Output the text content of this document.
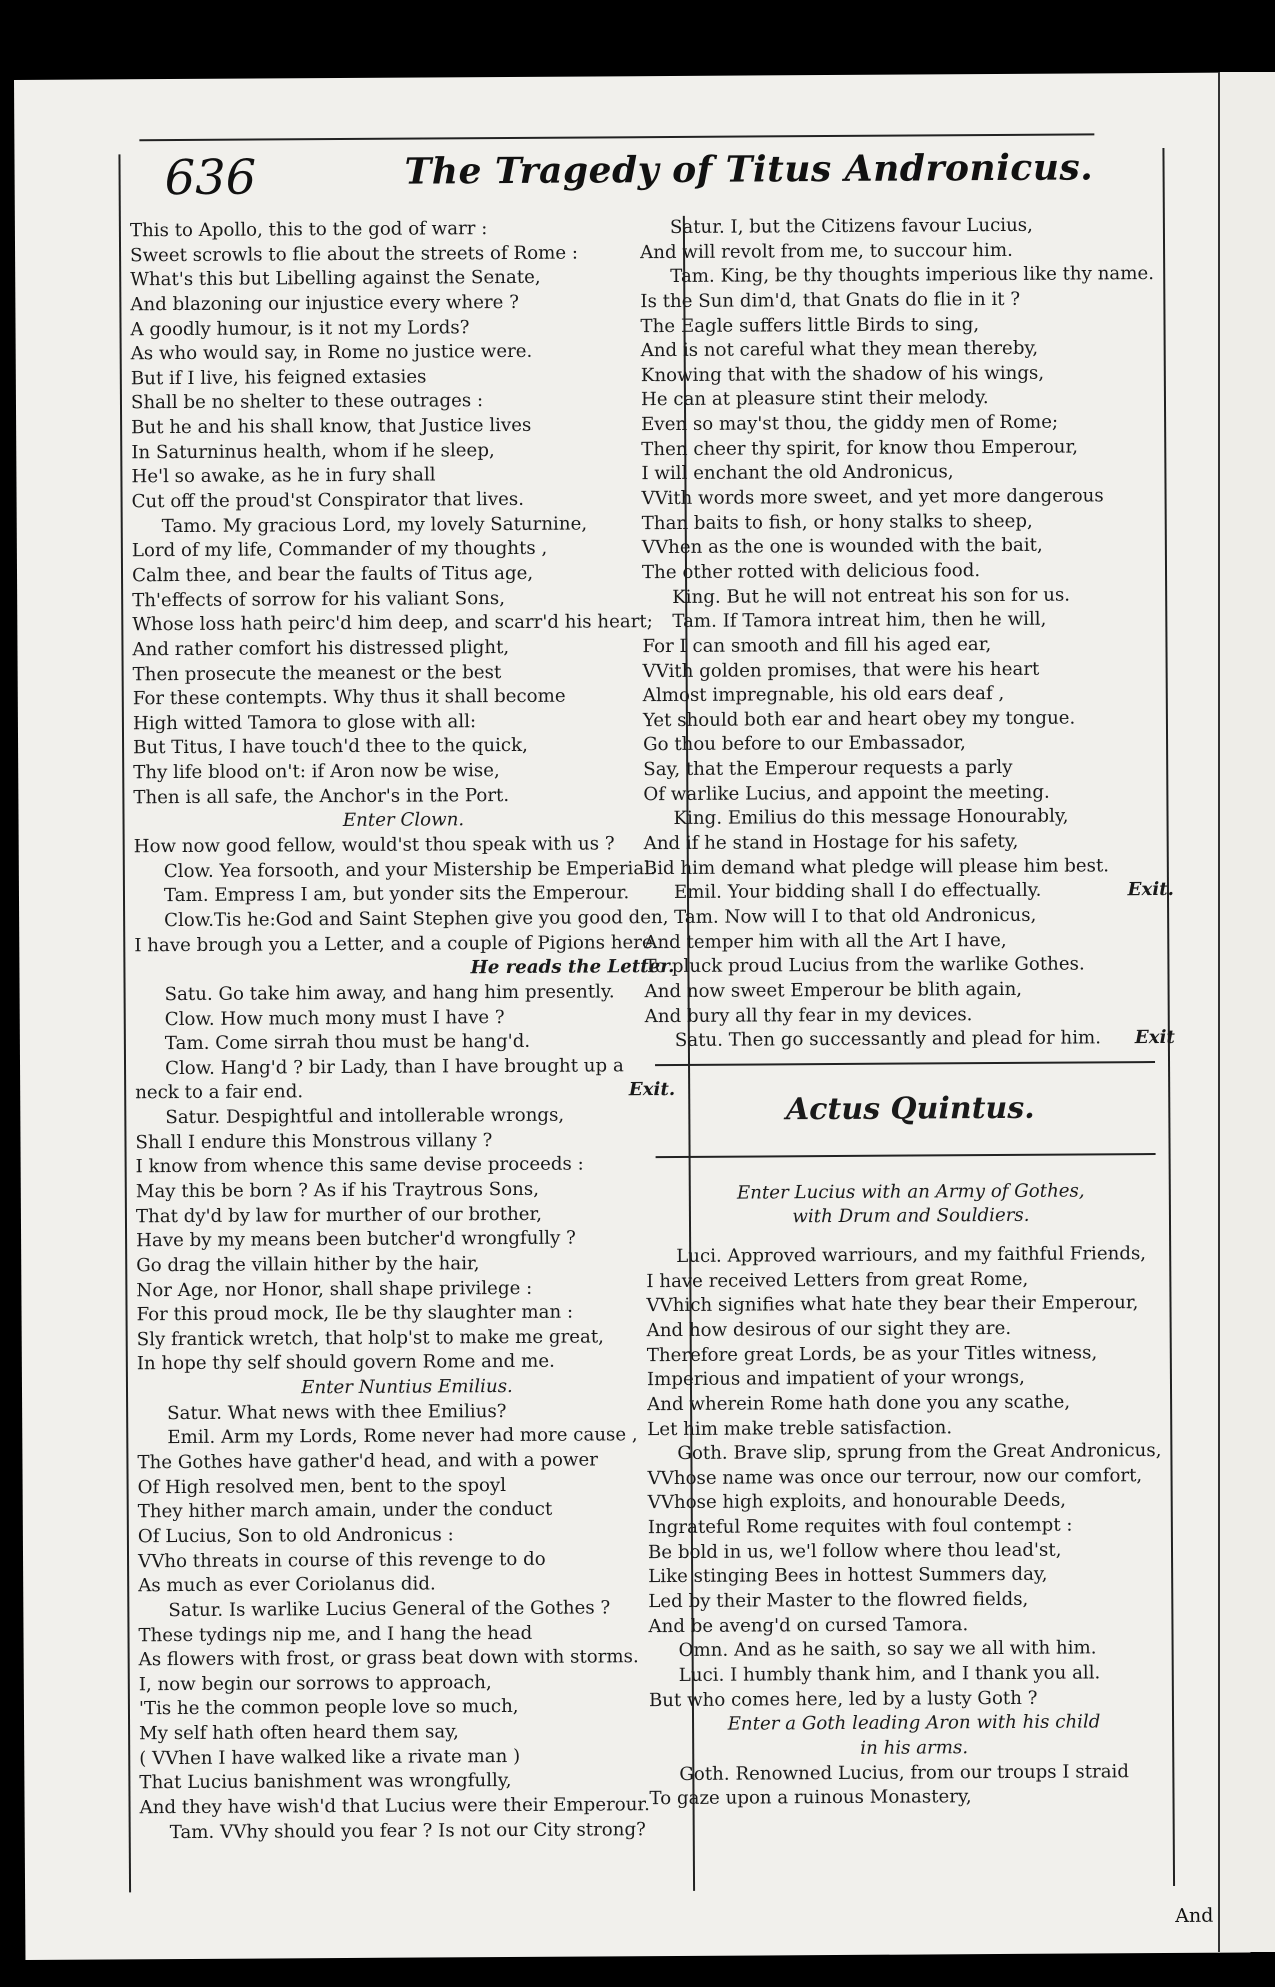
636	The Tragedy of Titus Andronicus.
This to Apollo, this to the god of warr :
Sweet scrowls to flie about the streets of Rome :
What's this but Libelling against the Senate,
And blazoning our injustice every where ?
A goodly humour, is it not my Lords?
As who would say, in Rome no justice were.
But if I live, his feigned extasies
Shall be no shelter to these outrages :
But he and his shall know, that Justice lives
In Saturninus health, whom if he sleep,
He'l so awake, as he in fury shall
Cut off the proud'st Conspirator that lives.
Tamo. My gracious Lord, my lovely Saturnine,
Lord of my life, Commander of my thoughts ,
Calm thee, and bear the faults of Titus age,
Th'effects of sorrow for his valiant Sons,
Whose loss hath peirc'd him deep, and scarr'd his heart;
And rather comfort his distressed plight,
Then prosecute the meanest or the best
For these contempts. Why thus it shall become
High witted Tamora to glose with all:
But Titus, I have touch'd thee to the quick,
Thy life blood on't: if Aron now be wise,
Then is all safe, the Anchor's in the Port.
Enter Clown.
How now good fellow, would'st thou speak with us ?
Clow. Yea forsooth, and your Mistership be Emperial.
Tam. Empress I am, but yonder sits the Emperour.
Clow.Tis he:God and Saint Stephen give you good den,
I have brough you a Letter, and a couple of Pigions here.
He reads the Letter.
Satu. Go take him away, and hang him presently.
Clow. How much mony must I have ?
Tam. Come sirrah thou must be hang'd.
Clow. Hang'd ? bir Lady, than I have brought up a
neck to a fair end.	Exit.
Satur. Despightful and intollerable wrongs,
Shall I endure this Monstrous villany ?
I know from whence this same devise proceeds :
May this be born ? As if his Traytrous Sons,
That dy'd by law for murther of our brother,
Have by my means been butcher'd wrongfully ?
Go drag the villain hither by the hair,
Nor Age, nor Honor, shall shape privilege :
For this proud mock, Ile be thy slaughter man :
Sly frantick wretch, that holp'st to make me great,
In hope thy self should govern Rome and me.
Enter Nuntius Emilius.
Satur. What news with thee Emilius?
Emil. Arm my Lords, Rome never had more cause ,
The Gothes have gather'd head, and with a power
Of High resolved men, bent to the spoyl
They hither march amain, under the conduct
Of Lucius, Son to old Andronicus :
VVho threats in course of this revenge to do
As much as ever Coriolanus did.
Satur. Is warlike Lucius General of the Gothes ?
These tydings nip me, and I hang the head
As flowers with frost, or grass beat down with storms.
I, now begin our sorrows to approach,
'Tis he the common people love so much,
My self hath often heard them say,
( VVhen I have walked like a rivate man )
That Lucius banishment was wrongfully,
And they have wish'd that Lucius were their Emperour.
Tam. VVhy should you fear ? Is not our City strong?
Satur. I, but the Citizens favour Lucius,
And will revolt from me, to succour him.
Tam. King, be thy thoughts imperious like thy name.
Is the Sun dim'd, that Gnats do flie in it ?
The Eagle suffers little Birds to sing,
And is not careful what they mean thereby,
Knowing that with the shadow of his wings,
He can at pleasure stint their melody.
Even so may'st thou, the giddy men of Rome;
Then cheer thy spirit, for know thou Emperour,
I will enchant the old Andronicus,
VVith words more sweet, and yet more dangerous
Than baits to fish, or hony stalks to sheep,
VVhen as the one is wounded with the bait,
The other rotted with delicious food.
King. But he will not entreat his son for us.
Tam. If Tamora intreat him, then he will,
For I can smooth and fill his aged ear,
VVith golden promises, that were his heart
Almost impregnable, his old ears deaf ,
Yet should both ear and heart obey my tongue.
Go thou before to our Embassador,
Say, that the Emperour requests a parly
Of warlike Lucius, and appoint the meeting.
King. Emilius do this message Honourably,
And if he stand in Hostage for his safety,
Bid him demand what pledge will please him best.
Emil. Your bidding shall I do effectually.	Exit.
Tam. Now will I to that old Andronicus,
And temper him with all the Art I have,
To pluck proud Lucius from the warlike Gothes.
And now sweet Emperour be blith again,
And bury all thy fear in my devices.
Satu. Then go successantly and plead for him. Exit
Actus Quintus.
Enter Lucius with an Army of Gothes,
with Drum and Souldiers.
Luci. Approved warriours, and my faithful Friends,
I have received Letters from great Rome,
VVhich signifies what hate they bear their Emperour,
And how desirous of our sight they are.
Therefore great Lords, be as your Titles witness,
Imperious and impatient of your wrongs,
And wherein Rome hath done you any scathe,
Let him make treble satisfaction.
Goth. Brave slip, sprung from the Great Andronicus,
VVhose name was once our terrour, now our comfort,
VVhose high exploits, and honourable Deeds,
Ingrateful Rome requites with foul contempt :
Be bold in us, we'l follow where thou lead'st,
Like stinging Bees in hottest Summers day,
Led by their Master to the flowred fields,
And be aveng'd on cursed Tamora.
Omn. And as he saith, so say we all with him.
Luci. I humbly thank him, and I thank you all.
But who comes here, led by a lusty Goth ?
Enter a Goth leading Aron with his child
in his arms.
Goth. Renowned Lucius, from our troups I straid
To gaze upon a ruinous Monastery,
And
